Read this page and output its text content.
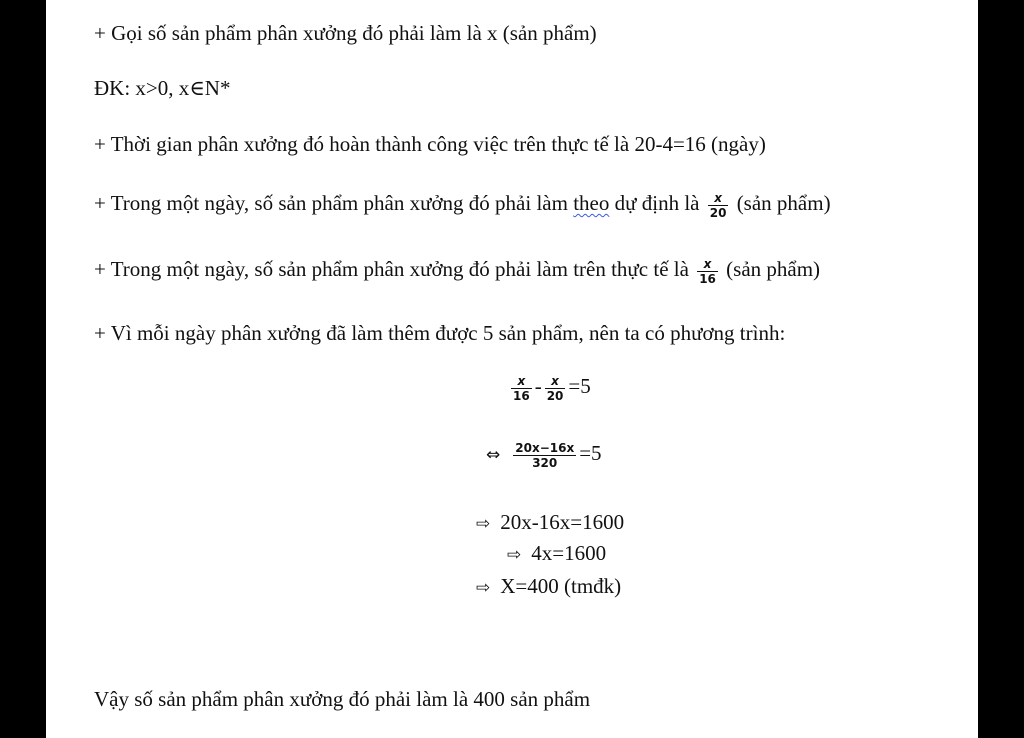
+ Gọi số sản phẩm phân xưởng đó phải làm là x (sản phẩm)
ĐK: x>0, x∈N*
+ Thời gian phân xưởng đó hoàn thành công việc trên thực tế là 20-4=16 (ngày)
+ Trong một ngày, số sản phẩm phân xưởng đó phải làm theo dự định là $\frac{x}{20}$ (sản phẩm)
+ Trong một ngày, số sản phẩm phân xưởng đó phải làm trên thực tế là $\frac{x}{16}$ (sản phẩm)
+ Vì mỗi ngày phân xưởng đã làm thêm được 5 sản phẩm, nên ta có phương trình:
$\frac{x}{16} - \frac{x}{20} =5$
⇔ $\frac{20x-16x}{320} =5$
⇨ 20x-16x=1600
⇨ 4x=1600
⇨ X=400 (tmđk)
Vậy số sản phẩm phân xưởng đó phải làm là 400 sản phẩm
